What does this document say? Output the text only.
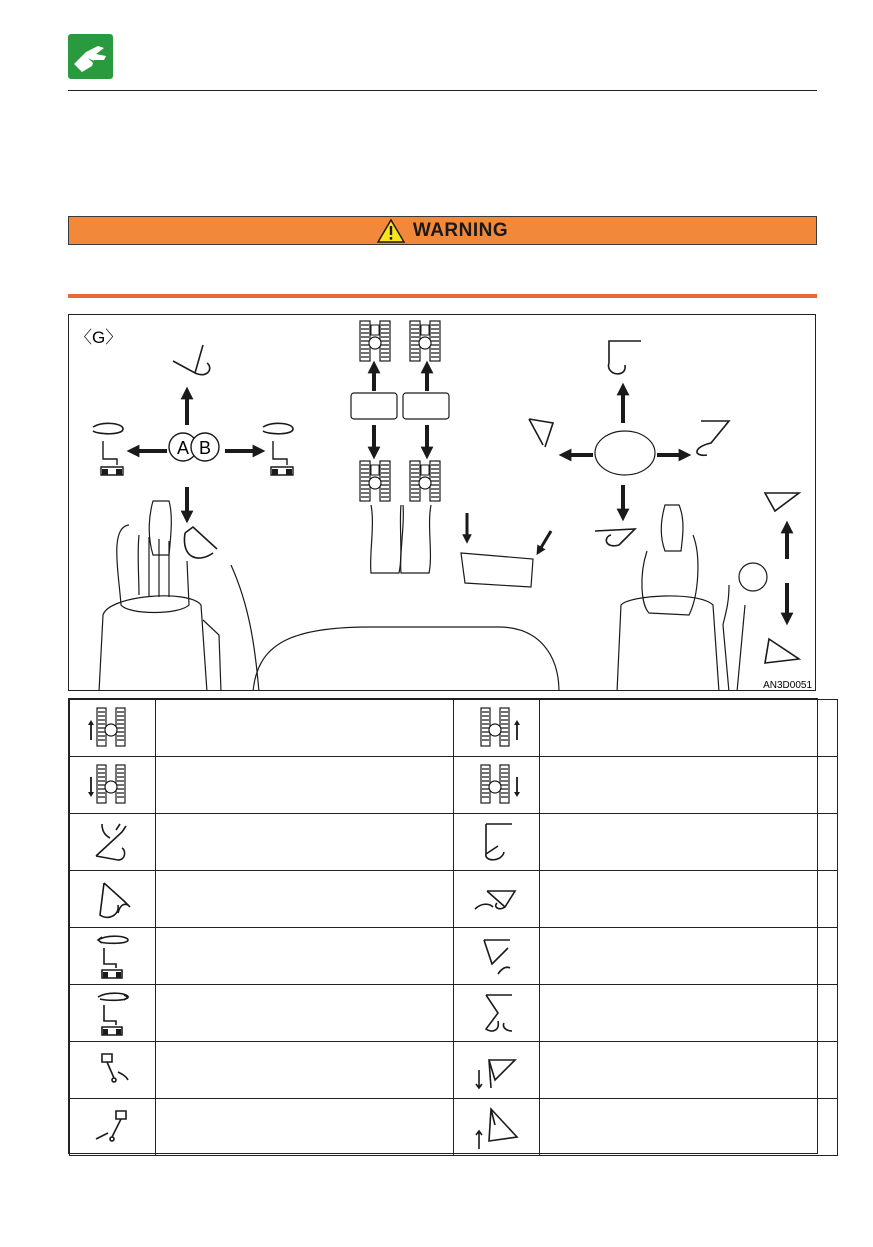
WARNING
〈G〉
A B
AN3D0051
